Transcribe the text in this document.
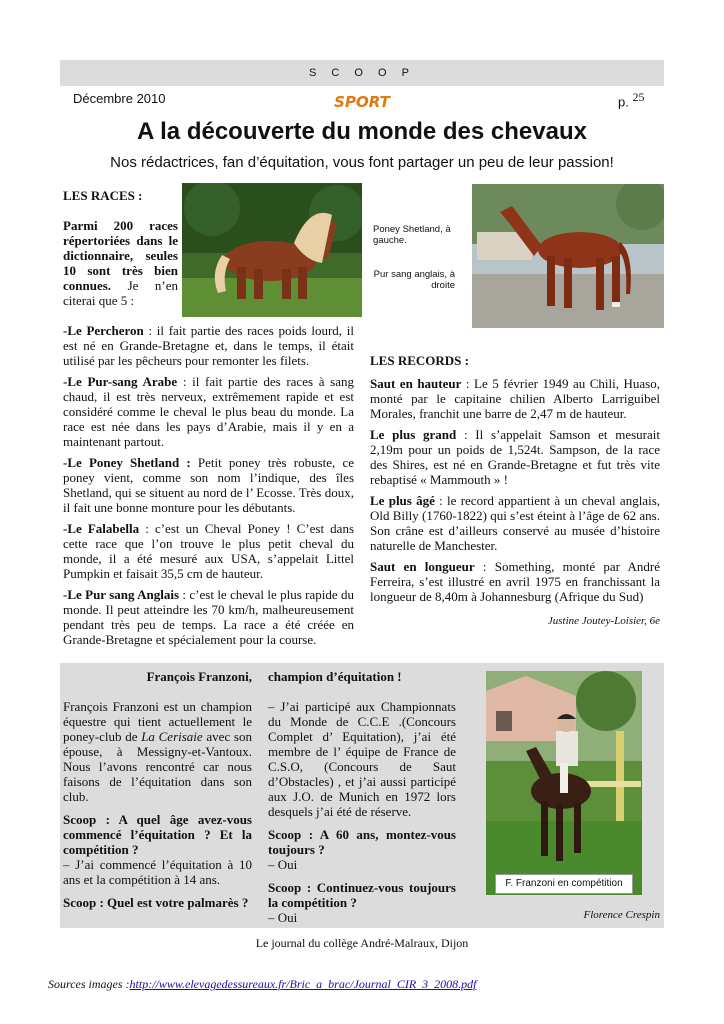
S C O O P
Décembre 2010	SPORT	p. $^{25}$
A la découverte du monde des chevaux
Nos rédactrices, fan d’équitation, vous font partager un peu de leur passion!

LES RACES :

Parmi 200 races répertoriées dans le dictionnaire, seules 10 sont très bien connues. Je n’en citerai que 5 :

Poney Shetland, à gauche.
Pur sang anglais, à droite

-Le Percheron : il fait partie des races poids lourd, il est né en Grande-Bretagne et, dans le temps, il était utilisé par les pêcheurs pour remonter les filets.

-Le Pur-sang Arabe : il fait partie des races à sang chaud, il est très nerveux, extrêmement rapide et est considéré comme le cheval le plus beau du monde. La race est née dans les pays d’Arabie, mais il y en a maintenant partout.

-Le Poney Shetland : Petit poney très robuste, ce poney vient, comme son nom l’indique, des îles Shetland, qui se situent au nord de l’ Ecosse. Très doux, il fait une bonne monture pour les débutants.

-Le Falabella : c’est un Cheval Poney ! C’est dans cette race que l’on trouve le plus petit cheval du monde, il a été mesuré aux USA, s’appelait Littel Pumpkin et faisait 35,5 cm de hauteur.

-Le Pur sang Anglais : c’est le cheval le plus rapide du monde. Il peut atteindre les 70 km/h, malheureusement pendant très peu de temps. La race a été créée en Grande-Bretagne et spécialement pour la course.

LES RECORDS :

Saut en hauteur : Le 5 février 1949 au Chili, Huaso, monté par le capitaine chilien Alberto Larriguibel Morales, franchit une barre de 2,47 m de hauteur.

Le plus grand : Il s’appelait Samson et mesurait 2,19m pour un poids de 1,524t. Sampson, de la race des Shires, est né en Grande-Bretagne et fut très vite rebaptisé « Mammouth » !

Le plus âgé : le record appartient à un cheval anglais, Old Billy (1760-1822) qui s’est éteint à l’âge de 62 ans. Son crâne est d’ailleurs conservé au musée d’histoire naturelle de Manchester.

Saut en longueur : Something, monté par André Ferreira, s’est illustré en avril 1975 en franchissant la longueur de 8,40m à Johannesburg (Afrique du Sud)

Justine Joutey-Loisier, 6e

François Franzoni, champion d’équitation !

François Franzoni est un champion équestre qui tient actuellement le poney-club de La Cerisaie avec son épouse, à Messigny-et-Vantoux. Nous l’avons rencontré car nous faisons de l’équitation dans son club.

Scoop : A quel âge avez-vous commencé l’équitation ? Et la compétition ?

– J’ai commencé l’équitation à 10 ans et la compétition à 14 ans.

Scoop : Quel est votre palmarès ?

– J’ai participé aux Championnats du Monde de C.C.E .(Concours Complet d’ Equitation), j’ai été membre de l’ équipe de France de C.S.O, (Concours de Saut d’Obstacles) , et j’ai aussi participé aux J.O. de Munich en 1972 lors desquels j’ai été de réserve.

Scoop : A 60 ans, montez-vous toujours ?

– Oui

Scoop : Continuez-vous toujours la compétition ?

– Oui

F. Franzoni en compétition
Florence Crespin
Le journal du collège André-Malraux, Dijon
Sources images :http://www.elevagedessureaux.fr/Bric_a_brac/Journal_CIR_3_2008.pdf
